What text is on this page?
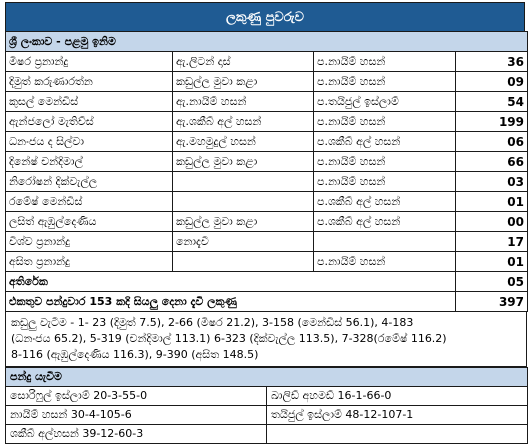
ලකුණු පුවරුව
ශ්‍රී ලංකාව - පළමු ඉනිම			
මිෂර ප්‍රනාන්දු	ඇ.ලිටන් දාස්	ප.නායිම් හසන්	36
දිමුත් කරුණාරත්න	කඩුල්ල මුවා කළා	ප.නායිම් හසන්	09
කුසල් මෙන්ඩිස්	ඇ.නායිම් හසන්	ප.තයිජුල් ඉස්ලාම්	54
ඇන්ජලෝ මැතිව්ස්	ඇ.ශකීබ් අල් හසන්	ප.නායිම් හසන්	199
ධනංජය ද සිල්වා	ඇ.මහමුදුල් හසන්	ප.ශකීබ් අල් හසන්	06
දිනේෂ් චන්දිමාල්	කඩුල්ල මුවා කළා	ප.නායිම් හසන්	66
නිරෝෂන් දික්වැල්ල		ප.නායිම් හසන්	03
රමේෂ් මෙන්ඩිස්		ප.ශකීබ් අල් හසන්	01
ලසිත් ඇඹුල්දෙණිය	කඩුල්ල මුවා කළා	ප.ශකීබ් අල් හසන්	00
විශ්ව ප්‍රනාන්දු	නොදැවී		17
අසිත ප්‍රනාන්දු		ප.නායිම් හසන්	01
අතිරේක			05
එකතුව පන්දුවාර 153 කදි සියලු දෙනා දැවී ලකුණු			397
කඩුලු වැටීම - 1- 23 (දිමුත් 7.5), 2-66 (මිෂර 21.2), 3-158 (මෙන්ඩිස් 56.1), 4-183
(ධනංජය 65.2), 5-319 (චන්දිමාල් 113.1) 6-323 (දික්වැල්ල 113.5), 7-328(රමේෂ් 116.2)
8-116 (ඇඹුල්දෙණිය 116.3), 9-390 (අසිත 148.5)
පන්දු යැවීම	
සොරිෆුල් ඉස්ලාම් 20-3-55-0	ඛාලිඩ් අහමඩ් 16-1-66-0
නායිම් හසන් 30-4-105-6	තයිජුල් ඉස්ලාම් 48-12-107-1
ශකීබ් අල්හසන් 39-12-60-3	
